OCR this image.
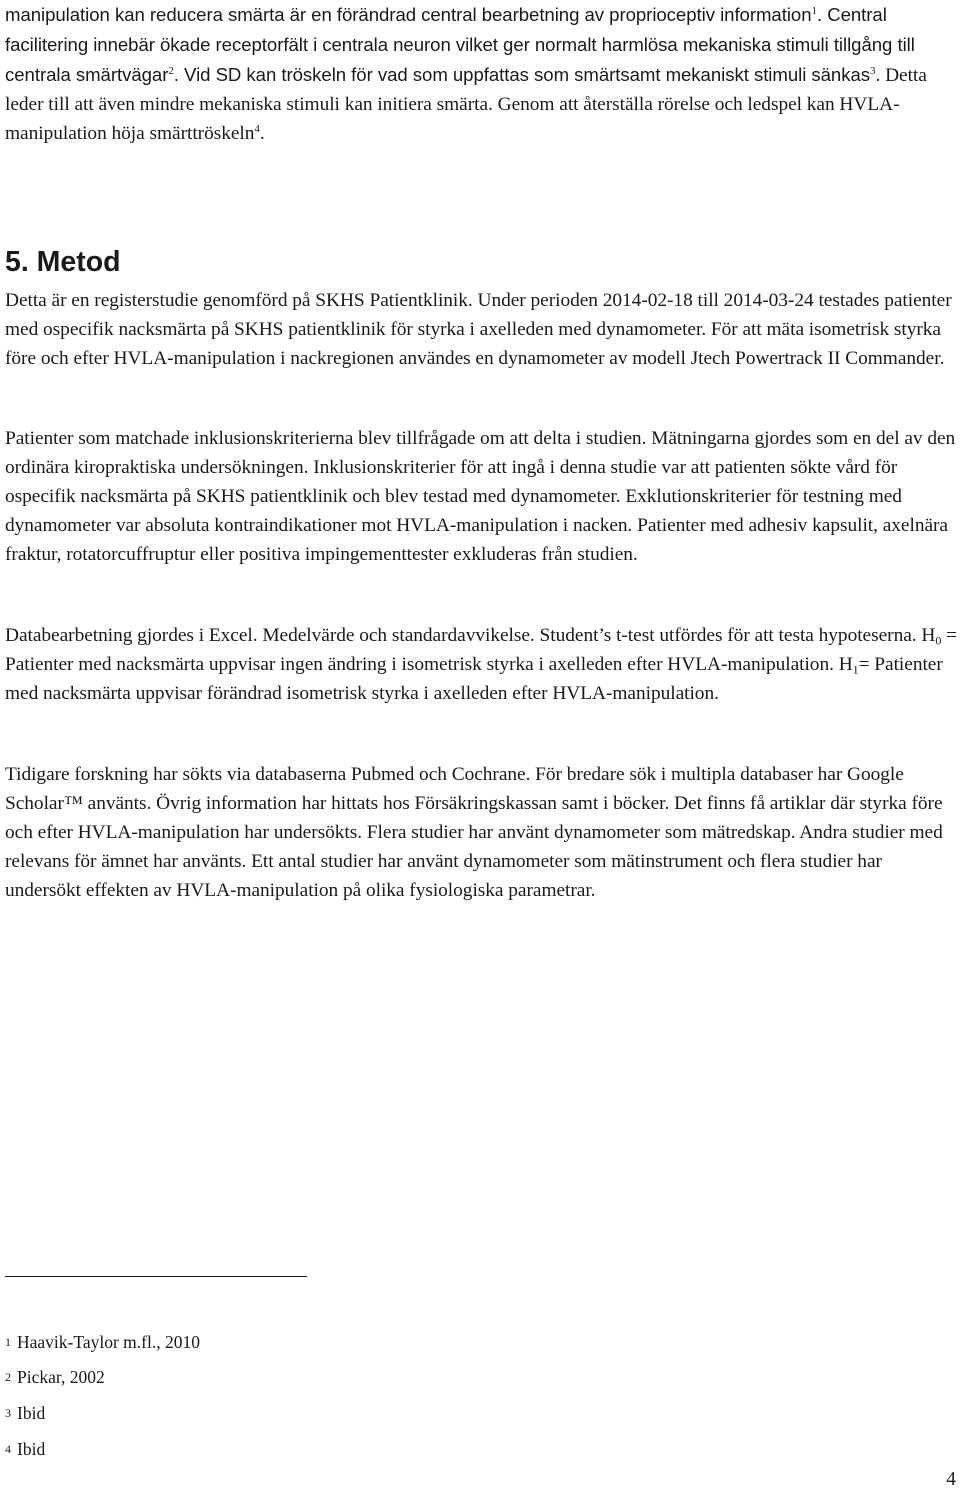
manipulation kan reducera smärta är en förändrad central bearbetning av proprioceptiv information$^1$. Central facilitering innebär ökade receptorfält i centrala neuron vilket ger normalt harmlösa mekaniska stimuli tillgång till centrala smärtvägar$^2$. Vid SD kan tröskeln för vad som uppfattas som smärtsamt mekaniskt stimuli sänkas$^3$. Detta leder till att även mindre mekaniska stimuli kan initiera smärta. Genom att återställa rörelse och ledspel kan HVLA-manipulation höja smärttröskeln$^4$.

5. Metod

Detta är en registerstudie genomförd på SKHS Patientklinik. Under perioden 2014-02-18 till 2014-03-24 testades patienter med ospecifik nacksmärta på SKHS patientklinik för styrka i axelleden med dynamometer. För att mäta isometrisk styrka före och efter HVLA-manipulation i nackregionen användes en dynamometer av modell Jtech Powertrack II Commander.

Patienter som matchade inklusionskriterierna blev tillfrågade om att delta i studien. Mätningarna gjordes som en del av den ordinära kiropraktiska undersökningen. Inklusionskriterier för att ingå i denna studie var att patienten sökte vård för ospecifik nacksmärta på SKHS patientklinik och blev testad med dynamometer. Exklutionskriterier för testning med dynamometer var absoluta kontraindikationer mot HVLA-manipulation i nacken. Patienter med adhesiv kapsulit, axelnära fraktur, rotatorcuffruptur eller positiva impingementtester exkluderas från studien.

Databearbetning gjordes i Excel. Medelvärde och standardavvikelse. Student’s t-test utfördes för att testa hypoteserna. $H_0$ = Patienter med nacksmärta uppvisar ingen ändring i isometrisk styrka i axelleden efter HVLA-manipulation. $H_1=$ Patienter med nacksmärta uppvisar förändrad isometrisk styrka i axelleden efter HVLA-manipulation.

Tidigare forskning har sökts via databaserna Pubmed och Cochrane. För bredare sök i multipla databaser har Google Scholar™ använts. Övrig information har hittats hos Försäkringskassan samt i böcker. Det finns få artiklar där styrka före och efter HVLA-manipulation har undersökts. Flera studier har använt dynamometer som mätredskap. Andra studier med relevans för ämnet har använts. Ett antal studier har använt dynamometer som mätinstrument och flera studier har undersökt effekten av HVLA-manipulation på olika fysiologiska parametrar.

1 Haavik-Taylor m.fl., 2010

2 Pickar, 2002

3 Ibid

4 Ibid

4
